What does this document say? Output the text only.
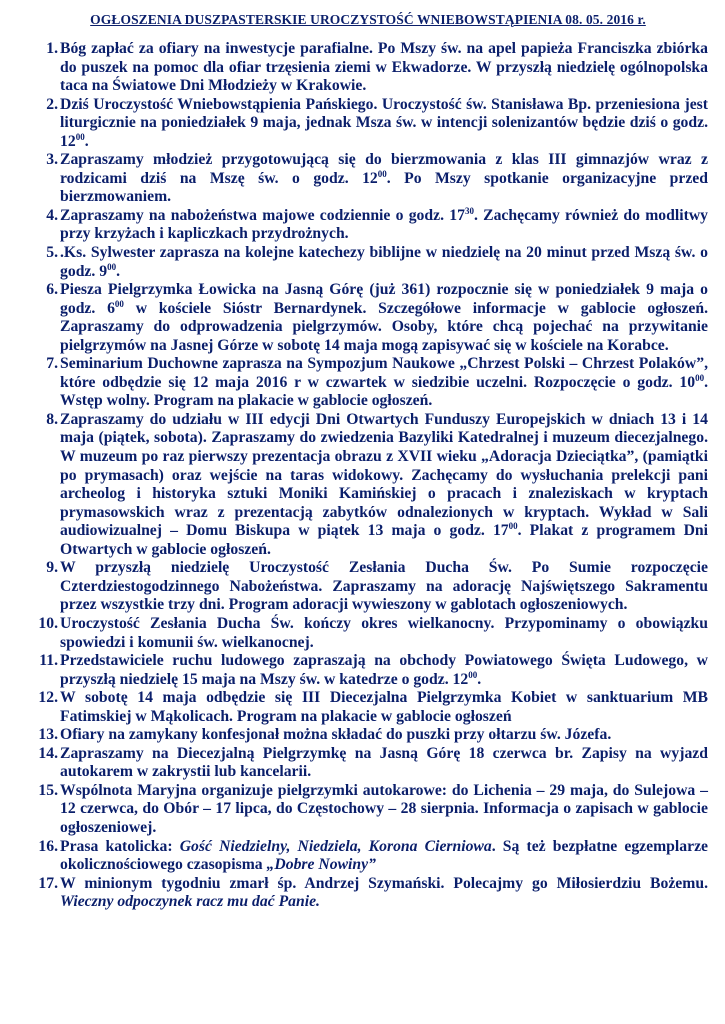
OGŁOSZENIA DUSZPASTERSKIE UROCZYSTOŚĆ WNIEBOWSTĄPIENIA 08. 05. 2016 r.
1. Bóg zapłać za ofiary na inwestycje parafialne. Po Mszy św. na apel papieża Franciszka zbiórka do puszek na pomoc dla ofiar trzęsienia ziemi w Ekwadorze. W przyszłą niedzielę ogólnopolska taca na Światowe Dni Młodzieży w Krakowie.
2. Dziś Uroczystość Wniebowstąpienia Pańskiego. Uroczystość św. Stanisława Bp. przeniesiona jest liturgicznie na poniedziałek 9 maja, jednak Msza św. w intencji solenizantów będzie dziś o godz. $12^{00}$.
3. Zapraszamy młodzież przygotowującą się do bierzmowania z klas III gimnazjów wraz z rodzicami dziś na Mszę św. o godz. $12^{00}$. Po Mszy spotkanie organizacyjne przed bierzmowaniem.
4. Zapraszamy na nabożeństwa majowe codziennie o godz. $17^{30}$. Zachęcamy również do modlitwy przy krzyżach i kapliczkach przydrożnych.
5. .Ks. Sylwester zaprasza na kolejne katechezy biblijne w niedzielę na 20 minut przed Mszą św. o godz. $9^{00}$.
6. Piesza Pielgrzymka Łowicka na Jasną Górę (już 361) rozpocznie się w poniedziałek 9 maja o godz. $6^{00}$ w kościele Sióstr Bernardynek. Szczegółowe informacje w gablocie ogłoszeń. Zapraszamy do odprowadzenia pielgrzymów. Osoby, które chcą pojechać na przywitanie pielgrzymów na Jasnej Górze w sobotę 14 maja mogą zapisywać się w kościele na Korabce.
7. Seminarium Duchowne zaprasza na Sympozjum Naukowe „Chrzest Polski – Chrzest Polaków”, które odbędzie się 12 maja 2016 r w czwartek w siedzibie uczelni. Rozpoczęcie o godz. $10^{00}$. Wstęp wolny. Program na plakacie w gablocie ogłoszeń.
8. Zapraszamy do udziału w III edycji Dni Otwartych Funduszy Europejskich w dniach 13 i 14 maja (piątek, sobota). Zapraszamy do zwiedzenia Bazyliki Katedralnej i muzeum diecezjalnego. W muzeum po raz pierwszy prezentacja obrazu z XVII wieku „Adoracja Dzieciątka”, (pamiątki po prymasach) oraz wejście na taras widokowy. Zachęcamy do wysłuchania prelekcji pani archeolog i historyka sztuki Moniki Kamińskiej o pracach i znaleziskach w kryptach prymasowskich wraz z prezentacją zabytków odnalezionych w kryptach. Wykład w Sali audiowizualnej – Domu Biskupa w piątek 13 maja o godz. $17^{00}$. Plakat z programem Dni Otwartych w gablocie ogłoszeń.
9. W przyszłą niedzielę Uroczystość Zesłania Ducha Św. Po Sumie rozpoczęcie Czterdziestogodzinnego Nabożeństwa. Zapraszamy na adorację Najświętszego Sakramentu przez wszystkie trzy dni. Program adoracji wywieszony w gablotach ogłoszeniowych.
10. Uroczystość Zesłania Ducha Św. kończy okres wielkanocny. Przypominamy o obowiązku spowiedzi i komunii św. wielkanocnej.
11. Przedstawiciele ruchu ludowego zapraszają na obchody Powiatowego Święta Ludowego, w przyszłą niedzielę 15 maja na Mszy św. w katedrze o godz. $12^{00}$.
12. W sobotę 14 maja odbędzie się III Diecezjalna Pielgrzymka Kobiet w sanktuarium MB Fatimskiej w Mąkolicach. Program na plakacie w gablocie ogłoszeń
13. Ofiary na zamykany konfesjonał można składać do puszki przy ołtarzu św. Józefa.
14. Zapraszamy na Diecezjalną Pielgrzymkę na Jasną Górę 18 czerwca br. Zapisy na wyjazd autokarem w zakrystii lub kancelarii.
15. Wspólnota Maryjna organizuje pielgrzymki autokarowe: do Lichenia – 29 maja, do Sulejowa – 12 czerwca, do Obór – 17 lipca, do Częstochowy – 28 sierpnia. Informacja o zapisach w gablocie ogłoszeniowej.
16. Prasa katolicka: Gość Niedzielny, Niedziela, Korona Cierniowa. Są też bezpłatne egzemplarze okolicznościowego czasopisma „Dobre Nowiny”
17. W minionym tygodniu zmarł śp. Andrzej Szymański. Polecajmy go Miłosierdziu Bożemu. Wieczny odpoczynek racz mu dać Panie.
